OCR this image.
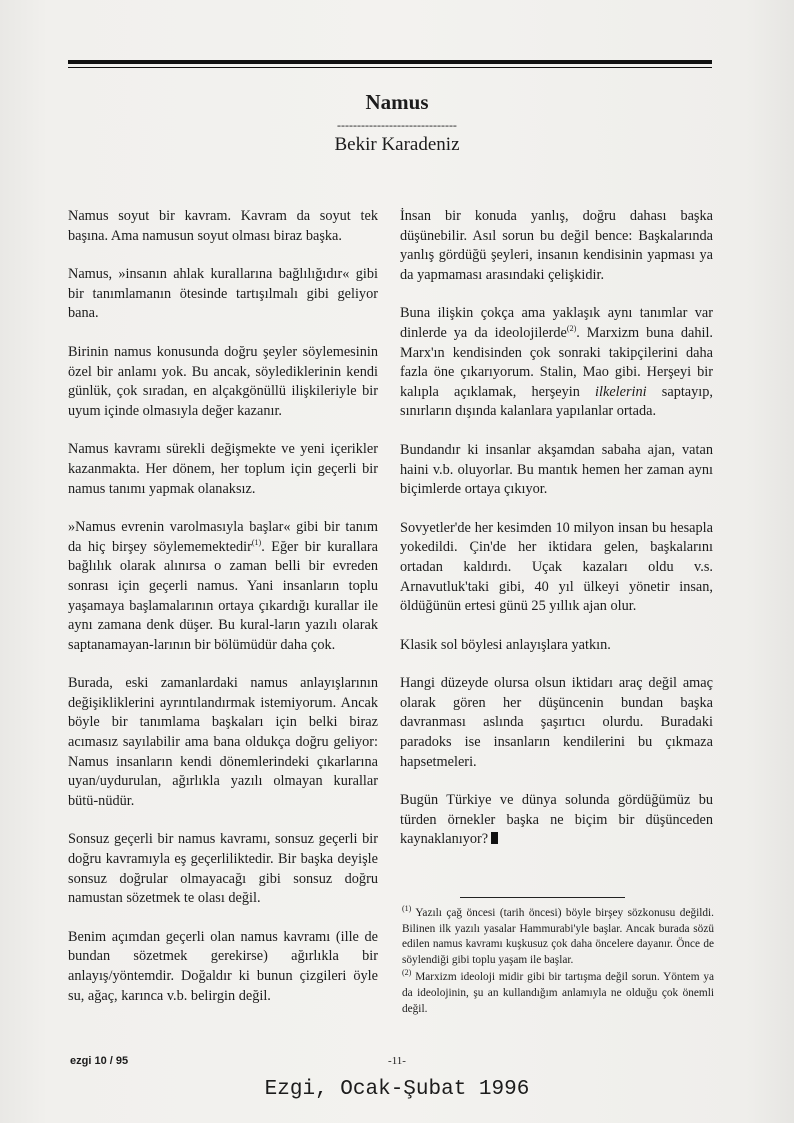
Namus
------------------------------
Bekir Karadeniz

Namus soyut bir kavram. Kavram da soyut tek başına. Ama namusun soyut olması biraz başka.

Namus, »insanın ahlak kurallarına bağlılığıdır« gibi bir tanımlamanın ötesinde tartışılmalı gibi geliyor bana.

Birinin namus konusunda doğru şeyler söylemesinin özel bir anlamı yok. Bu ancak, söylediklerinin kendi günlük, çok sıradan, en alçakgönüllü ilişkileriyle bir uyum içinde olmasıyla değer kazanır.

Namus kavramı sürekli değişmekte ve yeni içerikler kazanmakta. Her dönem, her toplum için geçerli bir namus tanımı yapmak olanaksız.

»Namus evrenin varolmasıyla başlar« gibi bir tanım da hiç birşey söylememektedir$^{(1)}$. Eğer bir kurallara bağlılık olarak alınırsa o zaman belli bir evreden sonrası için geçerli namus. Yani insanların toplu yaşamaya başlamalarının ortaya çıkardığı kurallar ile aynı zamana denk düşer. Bu kural-ların yazılı olarak saptanamayan-larının bir bölümüdür daha çok.

Burada, eski zamanlardaki namus anlayışlarının değişikliklerini ayrıntılandırmak istemiyorum. Ancak böyle bir tanımlama başkaları için belki biraz acımasız sayılabilir ama bana oldukça doğru geliyor: Namus insanların kendi dönemlerindeki çıkarlarına uyan/uydurulan, ağırlıkla yazılı olmayan kurallar bütü-nüdür.

Sonsuz geçerli bir namus kavramı, sonsuz geçerli bir doğru kavramıyla eş geçerliliktedir. Bir başka deyişle sonsuz doğrular olmayacağı gibi sonsuz doğru namustan sözetmek te olası değil.

Benim açımdan geçerli olan namus kavramı (ille de bundan sözetmek gerekirse) ağırlıkla bir anlayış/yöntemdir. Doğaldır ki bunun çizgileri öyle su, ağaç, karınca v.b. belirgin değil.

İnsan bir konuda yanlış, doğru dahası başka düşünebilir. Asıl sorun bu değil bence: Başkalarında yanlış gördüğü şeyleri, insanın kendisinin yapması ya da yapmaması arasındaki çelişkidir.

Buna ilişkin çokça ama yaklaşık aynı tanımlar var dinlerde ya da ideolojilerde$^{(2)}$. Marxizm buna dahil. Marx'ın kendisinden çok sonraki takipçilerini daha fazla öne çıkarıyorum. Stalin, Mao gibi. Herşeyi bir kalıpla açıklamak, herşeyin ilkelerini saptayıp, sınırların dışında kalanlara yapılanlar ortada.

Bundandır ki insanlar akşamdan sabaha ajan, vatan haini v.b. oluyorlar. Bu mantık hemen her zaman aynı biçimlerde ortaya çıkıyor.

Sovyetler'de her kesimden 10 milyon insan bu hesapla yokedildi. Çin'de her iktidara gelen, başkalarını ortadan kaldırdı. Uçak kazaları oldu v.s. Arnavutluk'taki gibi, 40 yıl ülkeyi yönetir insan, öldüğünün ertesi günü 25 yıllık ajan olur.

Klasik sol böylesi anlayışlara yatkın.

Hangi düzeyde olursa olsun iktidarı araç değil amaç olarak gören her düşüncenin bundan başka davranması aslında şaşırtıcı olurdu. Buradaki paradoks ise insanların kendilerini bu çıkmaza hapsetmeleri.

Bugün Türkiye ve dünya solunda gördüğümüz bu türden örnekler başka ne biçim bir düşünceden kaynaklanıyor?

$^{(1)}$ Yazılı çağ öncesi (tarih öncesi) böyle birşey sözkonusu değildi. Bilinen ilk yazılı yasalar Hammurabi'yle başlar. Ancak burada sözü edilen namus kavramı kuşkusuz çok daha öncelere dayanır. Önce de söylendiği gibi toplu yaşam ile başlar.

$^{(2)}$ Marxizm ideoloji midir gibi bir tartışma değil sorun. Yöntem ya da ideolojinin, şu an kullandığım anlamıyla ne olduğu çok önemli değil.

ezgi 10 / 95	-11-
Ezgi, Ocak-Şubat 1996
